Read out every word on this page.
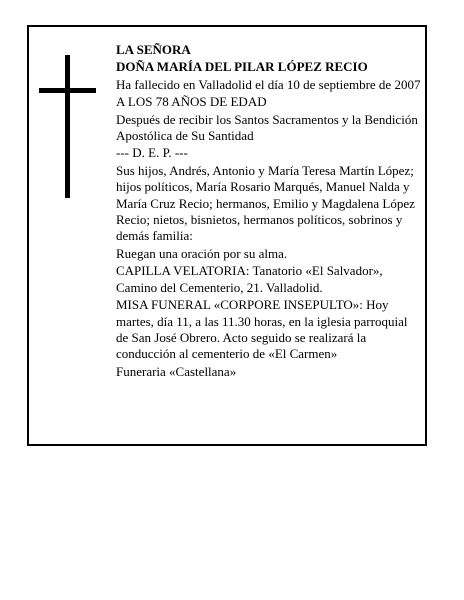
LA SEÑORA

DOÑA MARÍA DEL PILAR LÓPEZ RECIO

Ha fallecido en Valladolid el día 10 de septiembre de 2007

A LOS 78 AÑOS DE EDAD

Después de recibir los Santos Sacramentos y la Bendición Apostólica de Su Santidad

--- D. E. P. ---

Sus hijos, Andrés, Antonio y María Teresa Martín López; hijos políticos, María Rosario Marqués, Manuel Nalda y María Cruz Recio; hermanos, Emilio y Magdalena López Recio; nietos, bisnietos, hermanos políticos, sobrinos y demás familia:

Ruegan una oración por su alma.

CAPILLA VELATORIA: Tanatorio «El Salvador», Camino del Cementerio, 21. Valladolid.

MISA FUNERAL «CORPORE INSEPULTO»: Hoy martes, día 11, a las 11.30 horas, en la iglesia parroquial de San José Obrero. Acto seguido se realizará la conducción al cementerio de «El Carmen»

Funeraria «Castellana»
